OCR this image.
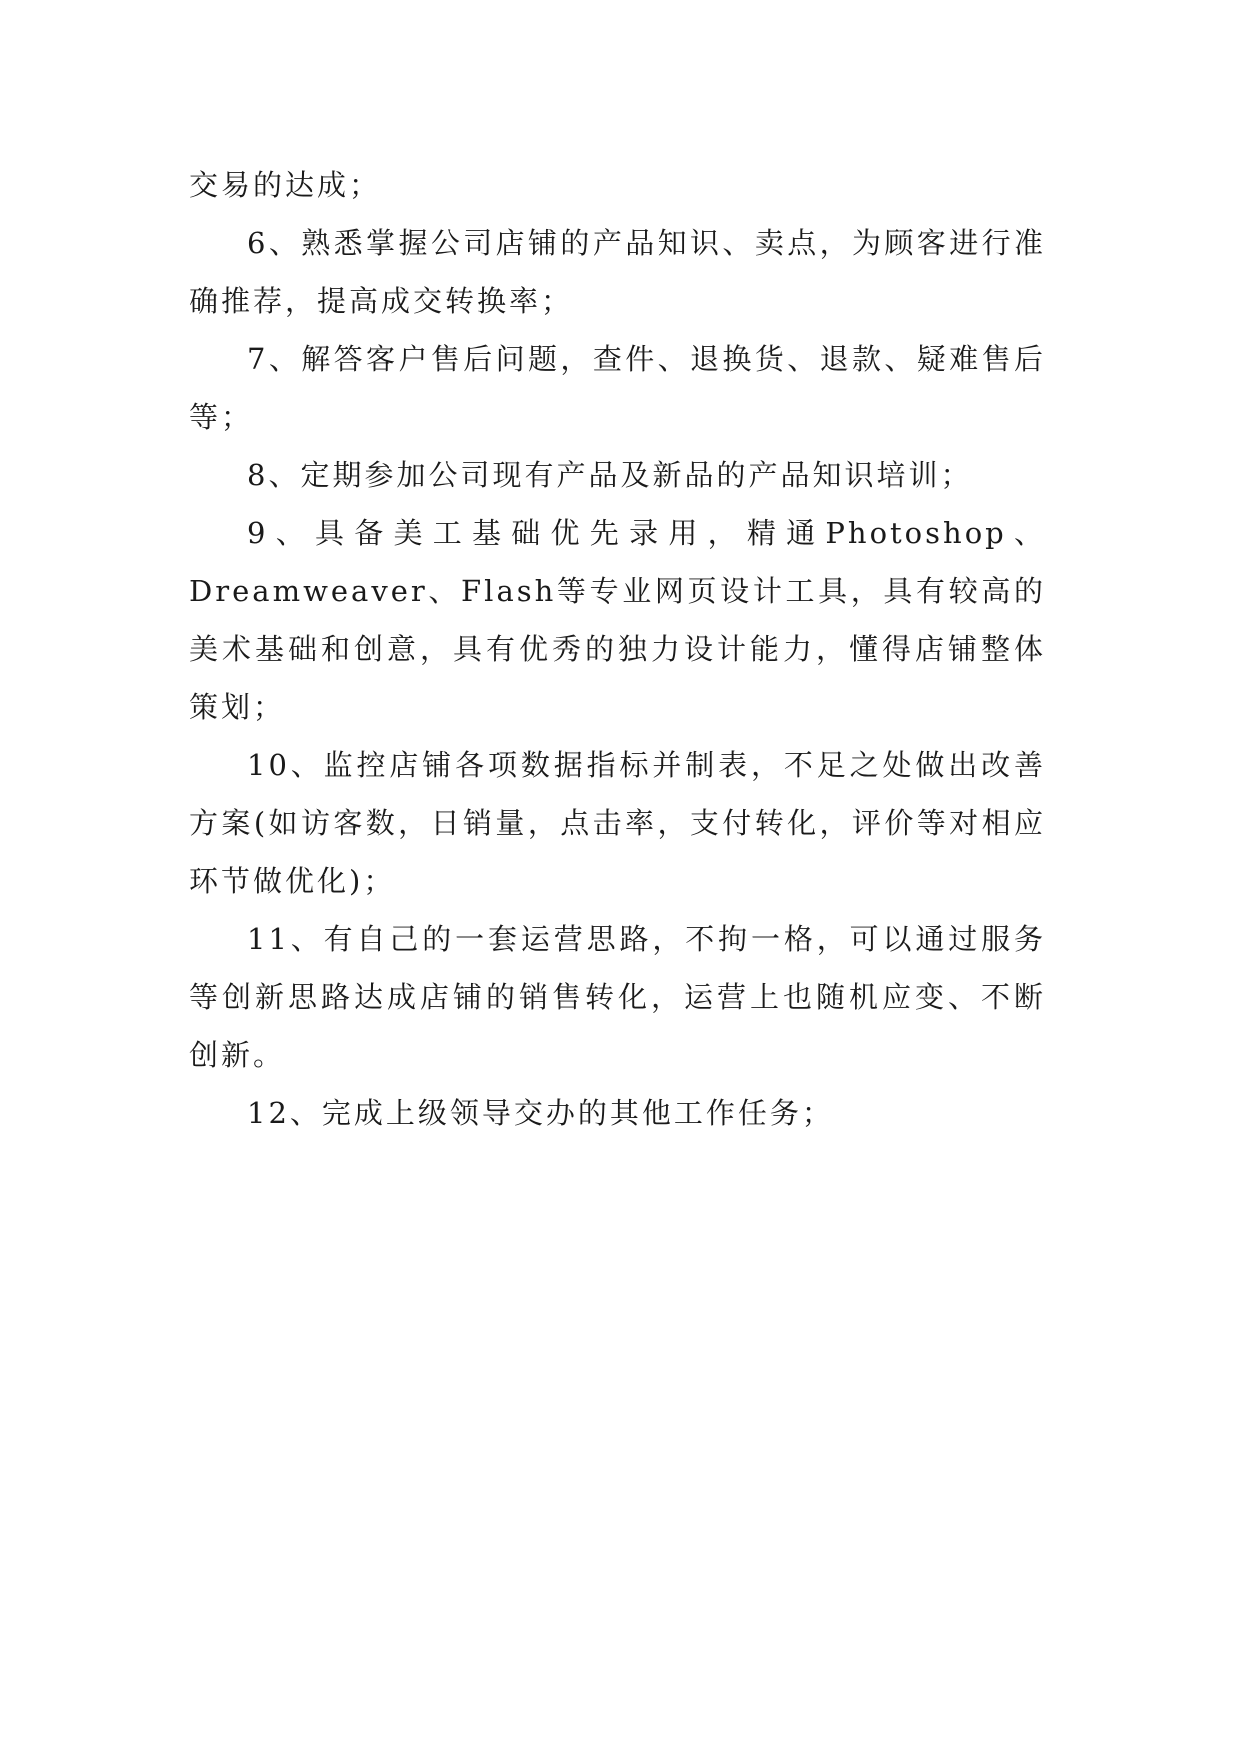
交易的达成；

6、熟悉掌握公司店铺的产品知识、卖点，为顾客进行准确推荐，提高成交转换率；

7、解答客户售后问题，查件、退换货、退款、疑难售后等；

8、定期参加公司现有产品及新品的产品知识培训；

9、具备美工基础优先录用，精通Photoshop、Dreamweaver、Flash等专业网页设计工具，具有较高的美术基础和创意，具有优秀的独力设计能力，懂得店铺整体策划；

10、监控店铺各项数据指标并制表，不足之处做出改善方案(如访客数，日销量，点击率，支付转化，评价等对相应环节做优化)；

11、有自己的一套运营思路，不拘一格，可以通过服务等创新思路达成店铺的销售转化，运营上也随机应变、不断创新。

12、完成上级领导交办的其他工作任务；
